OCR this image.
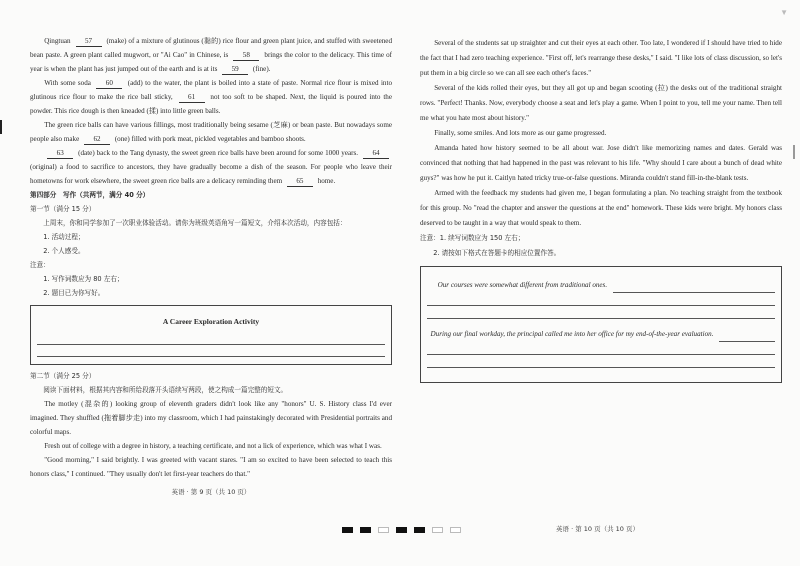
▼

Qingtuan 57 (make) of a mixture of glutinous (黏的) rice flour and green plant juice, and stuffed with sweetened bean paste. A green plant called mugwort, or "Ai Cao" in Chinese, is 58 brings the color to the delicacy. This time of year is when the plant has just jumped out of the earth and is at its 59 (fine).

With some soda 60 (add) to the water, the plant is boiled into a state of paste. Normal rice flour is mixed into glutinous rice flour to make the rice ball sticky, 61 not too soft to be shaped. Next, the liquid is poured into the powder. This rice dough is then kneaded (揉) into little green balls.

The green rice balls can have various fillings, most traditionally being sesame (芝麻) or bean paste. But nowadays some people also make 62 (one) filled with pork meat, pickled vegetables and bamboo shoots.

63 (date) back to the Tang dynasty, the sweet green rice balls have been around for some 1000 years. 64 (original) a food to sacrifice to ancestors, they have gradually become a dish of the season. For people who leave their hometowns for work elsewhere, the sweet green rice balls are a delicacy reminding them 65 home.

第四部分　写作（共两节，满分 40 分）
第一节（满分 15 分）
上周末，你和同学参加了一次职业体验活动。请你为班级英语角写一篇短文，介绍本次活动，内容包括：
1. 活动过程；
2. 个人感受。
注意：
1. 写作词数应为 80 左右；
2. 题目已为你写好。
A Career Exploration Activity
第二节（满分 25 分）
阅读下面材料，根据其内容和所给段落开头语续写两段，使之构成一篇完整的短文。

The motley (混杂的) looking group of eleventh graders didn't look like any "honors" U. S. History class I'd ever imagined. They shuffled (拖着脚步走) into my classroom, which I had painstakingly decorated with Presidential portraits and colorful maps.

Fresh out of college with a degree in history, a teaching certificate, and not a lick of experience, which was what I was.

"Good morning," I said brightly. I was greeted with vacant stares. "I am so excited to have been selected to teach this honors class," I continued. "They usually don't let first-year teachers do that."

英语 · 第 9 页（共 10 页）

Several of the students sat up straighter and cut their eyes at each other. Too late, I wondered if I should have tried to hide the fact that I had zero teaching experience. "First off, let's rearrange these desks," I said. "I like lots of class discussion, so let's put them in a big circle so we can all see each other's faces."

Several of the kids rolled their eyes, but they all got up and began scooting (拉) the desks out of the traditional straight rows. "Perfect! Thanks. Now, everybody choose a seat and let's play a game. When I point to you, tell me your name. Then tell me what you hate most about history."

Finally, some smiles. And lots more as our game progressed.

Amanda hated how history seemed to be all about war. Jose didn't like memorizing names and dates. Gerald was convinced that nothing that had happened in the past was relevant to his life. "Why should I care about a bunch of dead white guys?" was how he put it. Caitlyn hated tricky true-or-false questions. Miranda couldn't stand fill-in-the-blank tests.

Armed with the feedback my students had given me, I began formulating a plan. No teaching straight from the textbook for this group. No "read the chapter and answer the questions at the end" homework. These kids were bright. My honors class deserved to be taught in a way that would speak to them.

注意：1. 续写词数应为 150 左右；
2. 请按如下格式在答题卡的相应位置作答。
Our courses were somewhat different from traditional ones.
During our final workday, the principal called me into her office for my end-of-the-year evaluation.
英语 · 第 10 页（共 10 页）
